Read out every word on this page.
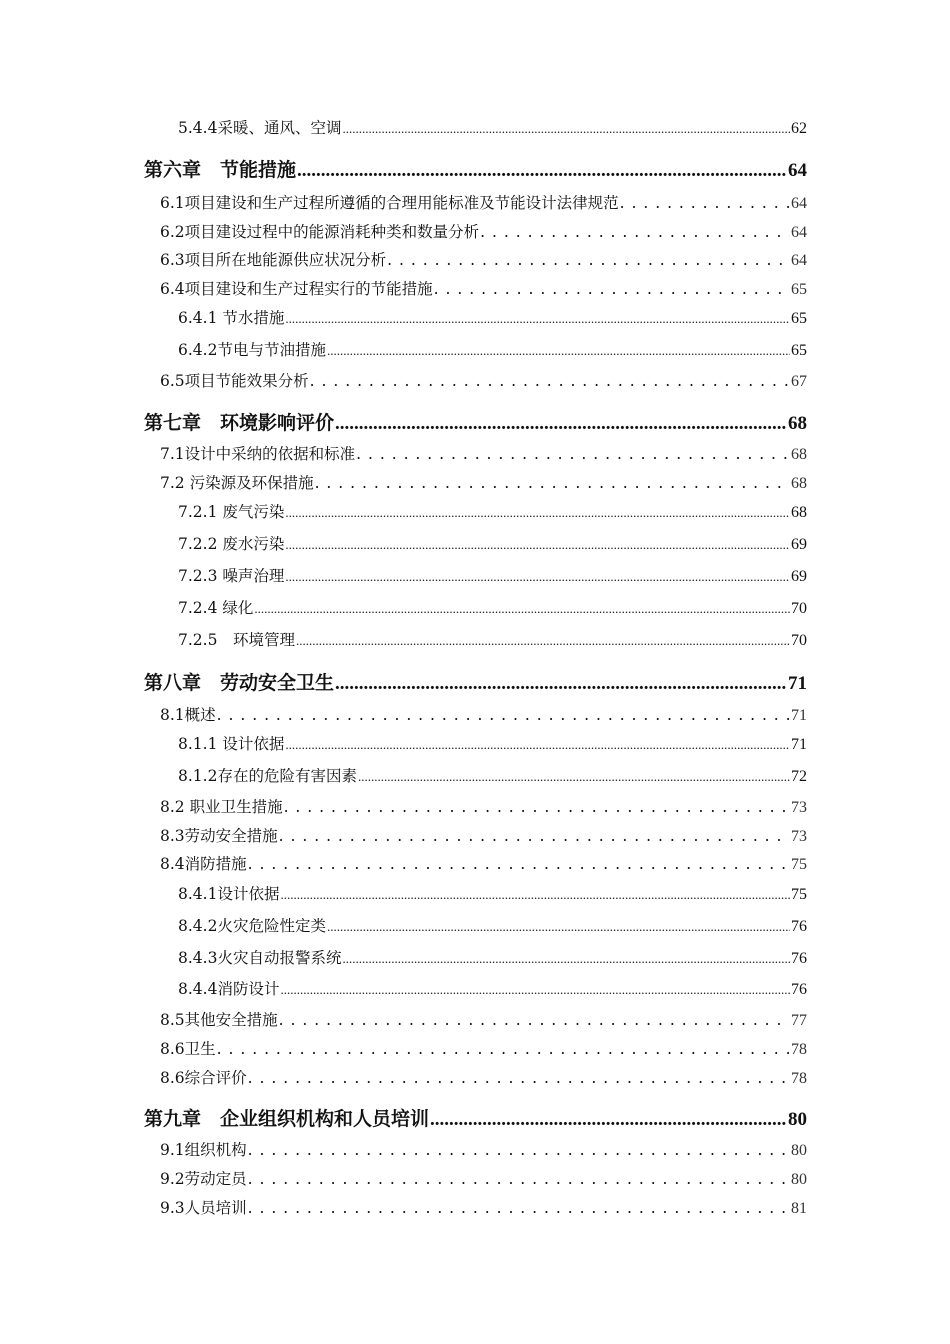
5.4.4采暖、通风、空调 .....	62
第六章　节能措施 .....	64
6.1项目建设和生产过程所遵循的合理用能标准及节能设计法律规范 . . .	64
6.2项目建设过程中的能源消耗种类和数量分析 . . .	64
6.3项目所在地能源供应状况分析 . . .	64
6.4项目建设和生产过程实行的节能措施 . . .	65
6.4.1 节水措施 .....	65
6.4.2节电与节油措施 .....	65
6.5项目节能效果分析 . . .	67
第七章　环境影响评价 .....	68
7.1设计中采纳的依据和标准 . . .	68
7.2 污染源及环保措施 . . .	68
7.2.1 废气污染 .....	68
7.2.2 废水污染 .....	69
7.2.3 噪声治理 .....	69
7.2.4 绿化 .....	70
7.2.5　环境管理 .....	70
第八章　劳动安全卫生 .....	71
8.1概述 . . .	71
8.1.1 设计依据 .....	71
8.1.2存在的危险有害因素 .....	72
8.2 职业卫生措施 . . .	73
8.3劳动安全措施 . . .	73
8.4消防措施 . . .	75
8.4.1设计依据 .....	75
8.4.2火灾危险性定类 .....	76
8.4.3火灾自动报警系统 .....	76
8.4.4消防设计 .....	76
8.5其他安全措施 . . .	77
8.6卫生 . . .	78
8.6综合评价 . . .	78
第九章　企业组织机构和人员培训 .....	80
9.1组织机构 . . .	80
9.2劳动定员 . . .	80
9.3人员培训 . . .	81
